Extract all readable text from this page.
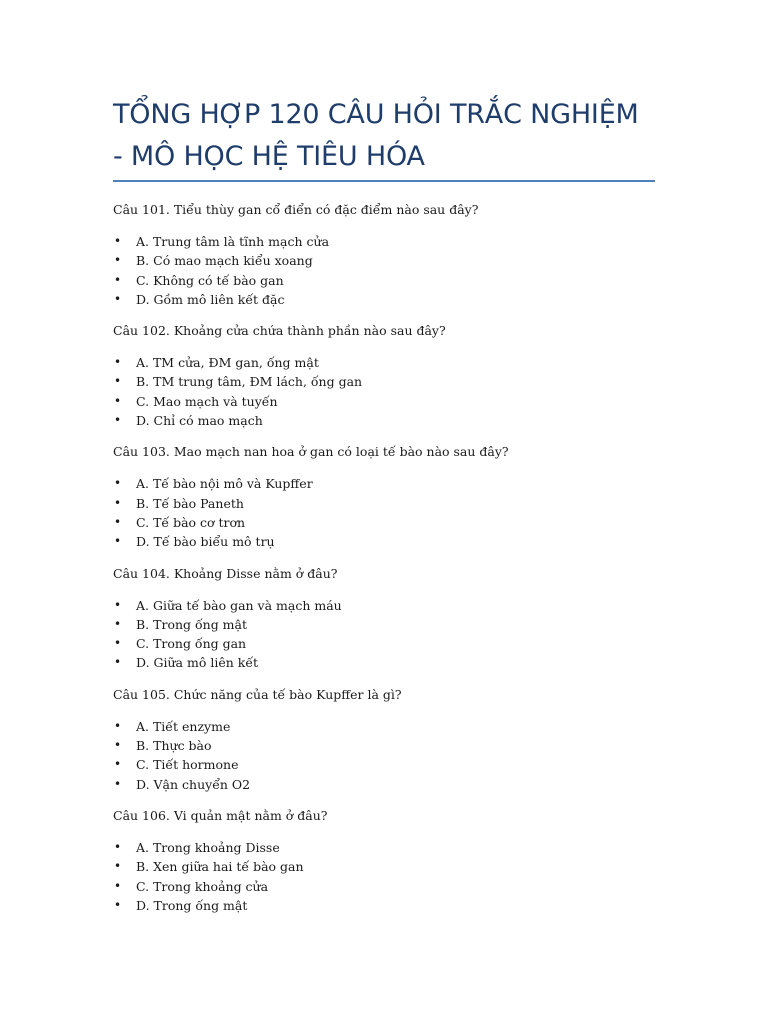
TỔNG HỢP 120 CÂU HỎI TRẮC NGHIỆM
- MÔ HỌC HỆ TIÊU HÓA

Câu 101. Tiểu thùy gan cổ điển có đặc điểm nào sau đây?

• A. Trung tâm là tĩnh mạch cửa
• B. Có mao mạch kiểu xoang
• C. Không có tế bào gan
• D. Gồm mô liên kết đặc

Câu 102. Khoảng cửa chứa thành phần nào sau đây?

• A. TM cửa, ĐM gan, ống mật
• B. TM trung tâm, ĐM lách, ống gan
• C. Mao mạch và tuyến
• D. Chỉ có mao mạch

Câu 103. Mao mạch nan hoa ở gan có loại tế bào nào sau đây?

• A. Tế bào nội mô và Kupffer
• B. Tế bào Paneth
• C. Tế bào cơ trơn
• D. Tế bào biểu mô trụ

Câu 104. Khoảng Disse nằm ở đâu?

• A. Giữa tế bào gan và mạch máu
• B. Trong ống mật
• C. Trong ống gan
• D. Giữa mô liên kết

Câu 105. Chức năng của tế bào Kupffer là gì?

• A. Tiết enzyme
• B. Thực bào
• C. Tiết hormone
• D. Vận chuyển O2

Câu 106. Vi quản mật nằm ở đâu?

• A. Trong khoảng Disse
• B. Xen giữa hai tế bào gan
• C. Trong khoảng cửa
• D. Trong ống mật
